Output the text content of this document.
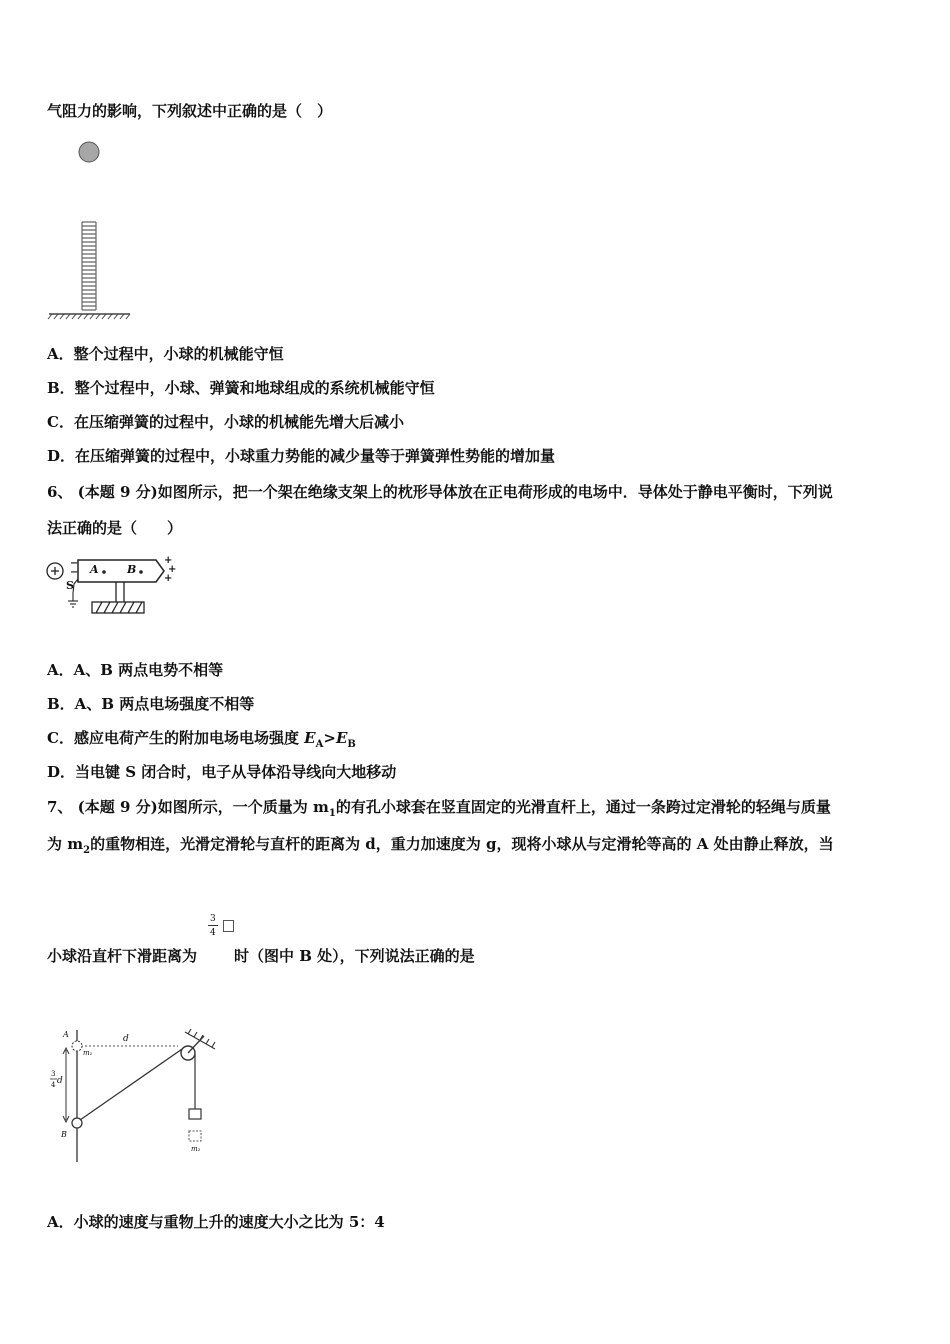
气阻力的影响，下列叙述中正确的是（　）
A．整个过程中，小球的机械能守恒
B．整个过程中，小球、弹簧和地球组成的系统机械能守恒
C．在压缩弹簧的过程中，小球的机械能先增大后减小
D．在压缩弹簧的过程中，小球重力势能的减少量等于弹簧弹性势能的增加量
6、 (本题 9 分)如图所示，把一个架在绝缘支架上的枕形导体放在正电荷形成的电场中．导体处于静电平衡时，下列说
法正确的是（　　）
A	B
S
−
−
+
+
+
A．A、B 两点电势不相等
B．A、B 两点电场强度不相等
C．感应电荷产生的附加电场电场强度 $E_A>E_B$
D．当电键 S 闭合时，电子从导体沿导线向大地移动
7、 (本题 9 分)如图所示，一个质量为 $m_1$的有孔小球套在竖直固定的光滑直杆上，通过一条跨过定滑轮的轻绳与质量
为 $m_2$的重物相连，光滑定滑轮与直杆的距离为 d，重力加速度为 g，现将小球从与定滑轮等高的 A 处由静止释放，当
3
4
小球沿直杆下滑距离为 时（图中 B 处），下列说法正确的是
A
B
m₁
m₂
d
3
4 d
A．小球的速度与重物上升的速度大小之比为 5：4
